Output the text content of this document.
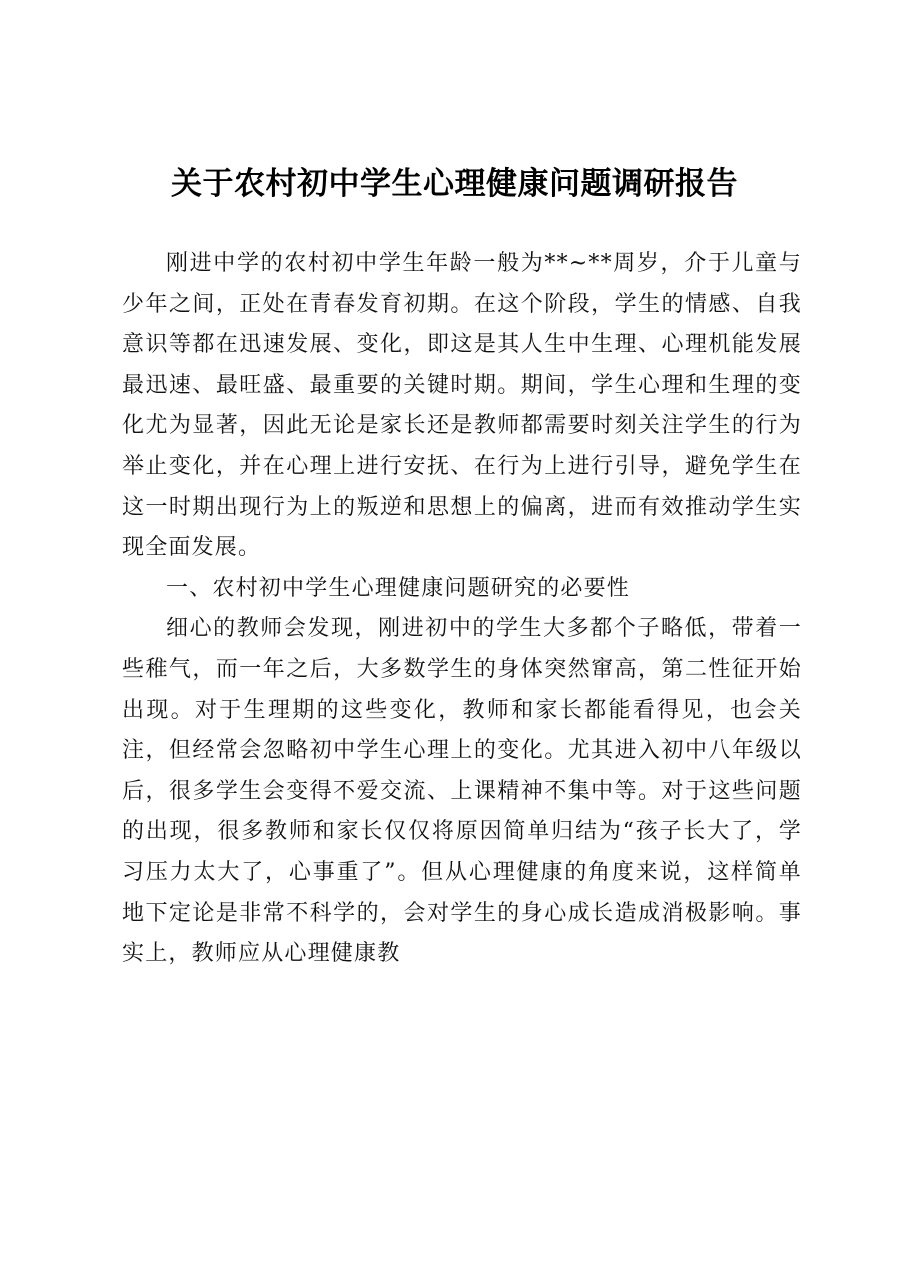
关于农村初中学生心理健康问题调研报告

刚进中学的农村初中学生年龄一般为**~**周岁，介于儿童与少年之间，正处在青春发育初期。在这个阶段，学生的情感、自我意识等都在迅速发展、变化，即这是其人生中生理、心理机能发展最迅速、最旺盛、最重要的关键时期。期间，学生心理和生理的变化尤为显著，因此无论是家长还是教师都需要时刻关注学生的行为举止变化，并在心理上进行安抚、在行为上进行引导，避免学生在这一时期出现行为上的叛逆和思想上的偏离，进而有效推动学生实现全面发展。

一、农村初中学生心理健康问题研究的必要性

细心的教师会发现，刚进初中的学生大多都个子略低，带着一些稚气，而一年之后，大多数学生的身体突然窜高，第二性征开始出现。对于生理期的这些变化，教师和家长都能看得见，也会关注，但经常会忽略初中学生心理上的变化。尤其进入初中八年级以后，很多学生会变得不爱交流、上课精神不集中等。对于这些问题的出现，很多教师和家长仅仅将原因简单归结为“孩子长大了，学习压力太大了，心事重了”。但从心理健康的角度来说，这样简单地下定论是非常不科学的，会对学生的身心成长造成消极影响。事实上，教师应从心理健康教
